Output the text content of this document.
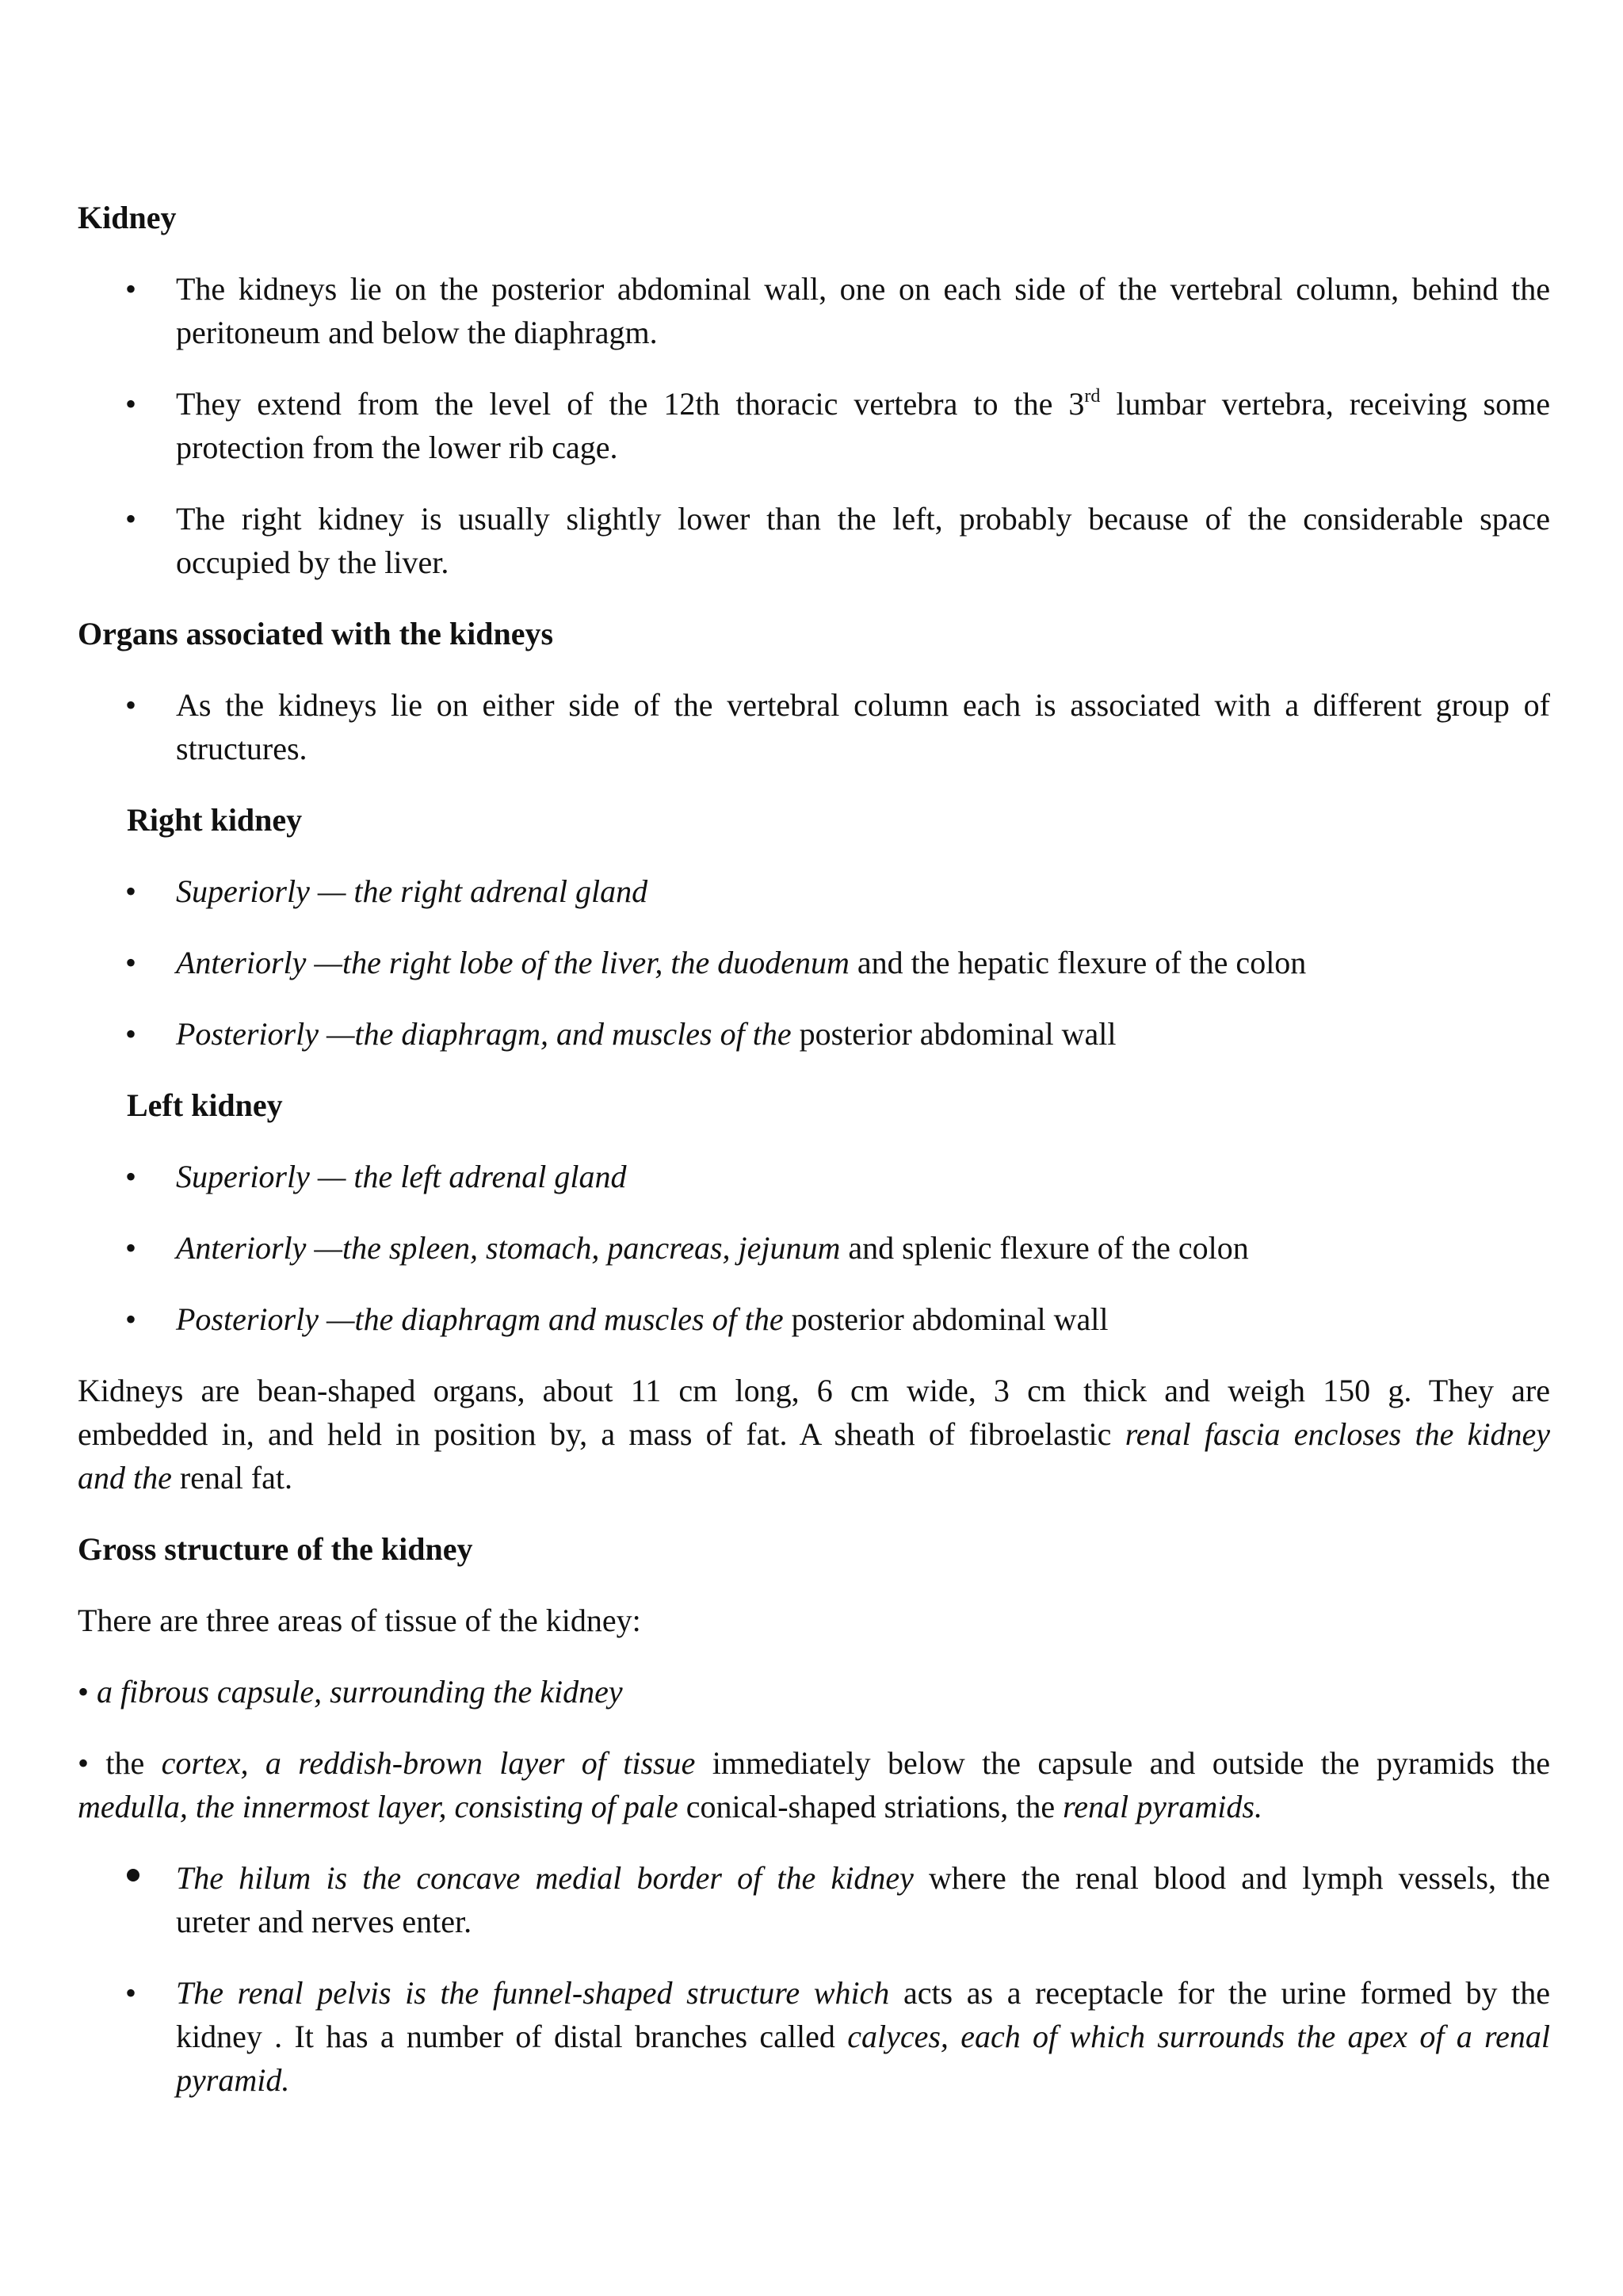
Kidney

• The kidneys lie on the posterior abdominal wall, one on each side of the vertebral column, behind the

peritoneum and below the diaphragm.

• They extend from the level of the 12th thoracic vertebra to the 3rd lumbar vertebra, receiving some

protection from the lower rib cage.

• The right kidney is usually slightly lower than the left, probably because of the considerable space

occupied by the liver.

Organs associated with the kidneys

• As the kidneys lie on either side of the vertebral column each is associated with a different group of

structures.

Right kidney

• Superiorly — the right adrenal gland

• Anteriorly —the right lobe of the liver, the duodenum and the hepatic flexure of the colon

• Posteriorly —the diaphragm, and muscles of the posterior abdominal wall

Left kidney

• Superiorly — the left adrenal gland

• Anteriorly —the spleen, stomach, pancreas, jejunum and splenic flexure of the colon

• Posteriorly —the diaphragm and muscles of the posterior abdominal wall

Kidneys are bean-shaped organs, about 11 cm long, 6 cm wide, 3 cm thick and weigh 150 g. They are

embedded in, and held in position by, a mass of fat. A sheath of fibroelastic renal fascia encloses the kidney

and the renal fat.

Gross structure of the kidney

There are three areas of tissue of the kidney:

• a fibrous capsule, surrounding the kidney

• the cortex, a reddish-brown layer of tissue immediately below the capsule and outside the pyramids the

medulla, the innermost layer, consisting of pale conical-shaped striations, the renal pyramids.

The hilum is the concave medial border of the kidney where the renal blood and lymph vessels, the

ureter and nerves enter.

• The renal pelvis is the funnel-shaped structure which acts as a receptacle for the urine formed by the

kidney . It has a number of distal branches called calyces, each of which surrounds the apex of a renal

pyramid.
